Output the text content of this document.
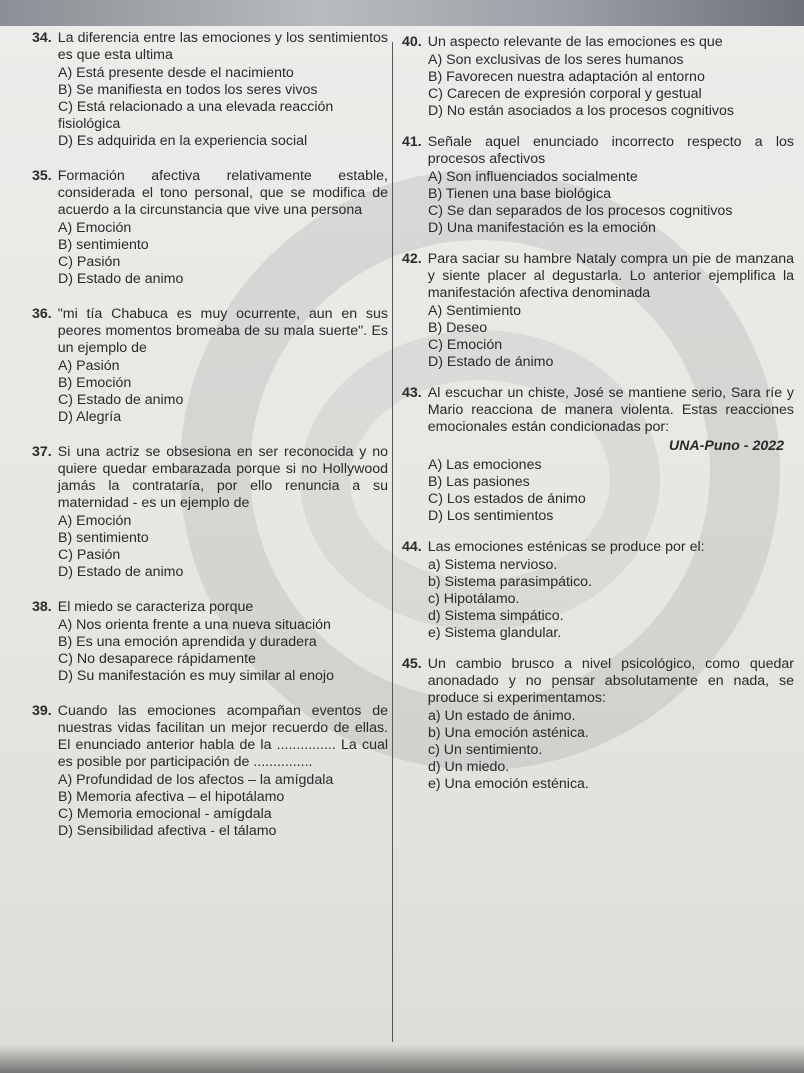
34. La diferencia entre las emociones y los sentimientos es que esta ultima
A) Está presente desde el nacimiento
B) Se manifiesta en todos los seres vivos
C) Está relacionado a una elevada reacción fisiológica
D) Es adquirida en la experiencia social
35. Formación afectiva relativamente estable, considerada el tono personal, que se modifica de acuerdo a la circunstancia que vive una persona
A) Emoción
B) sentimiento
C) Pasión
D) Estado de animo
36. "mi tía Chabuca es muy ocurrente, aun en sus peores momentos bromeaba de su mala suerte". Es un ejemplo de
A) Pasión
B) Emoción
C) Estado de animo
D) Alegría
37. Si una actriz se obsesiona en ser reconocida y no quiere quedar embarazada porque si no Hollywood jamás la contrataría, por ello renuncia a su maternidad - es un ejemplo de
A) Emoción
B) sentimiento
C) Pasión
D) Estado de animo
38. El miedo se caracteriza porque
A) Nos orienta frente a una nueva situación
B) Es una emoción aprendida y duradera
C) No desaparece rápidamente
D) Su manifestación es muy similar al enojo
39. Cuando las emociones acompañan eventos de nuestras vidas facilitan un mejor recuerdo de ellas. El enunciado anterior habla de la ............... La cual es posible por participación de ...............
A) Profundidad de los afectos – la amígdala
B) Memoria afectiva – el hipotálamo
C) Memoria emocional - amígdala
D) Sensibilidad afectiva - el tálamo
40. Un aspecto relevante de las emociones es que
A) Son exclusivas de los seres humanos
B) Favorecen nuestra adaptación al entorno
C) Carecen de expresión corporal y gestual
D) No están asociados a los procesos cognitivos
41. Señale aquel enunciado incorrecto respecto a los procesos afectivos
A) Son influenciados socialmente
B) Tienen una base biológica
C) Se dan separados de los procesos cognitivos
D) Una manifestación es la emoción
42. Para saciar su hambre Nataly compra un pie de manzana y siente placer al degustarla. Lo anterior ejemplifica la manifestación afectiva denominada
A) Sentimiento
B) Deseo
C) Emoción
D) Estado de ánimo
43. Al escuchar un chiste, José se mantiene serio, Sara ríe y Mario reacciona de manera violenta. Estas reacciones emocionales están condicionadas por:
UNA-Puno - 2022
A) Las emociones
B) Las pasiones
C) Los estados de ánimo
D) Los sentimientos
44. Las emociones esténicas se produce por el:
a) Sistema nervioso.
b) Sistema parasimpático.
c) Hipotálamo.
d) Sistema simpático.
e) Sistema glandular.
45. Un cambio brusco a nivel psicológico, como quedar anonadado y no pensar absolutamente en nada, se produce si experimentamos:
a) Un estado de ánimo.
b) Una emoción asténica.
c) Un sentimiento.
d) Un miedo.
e) Una emoción esténica.
